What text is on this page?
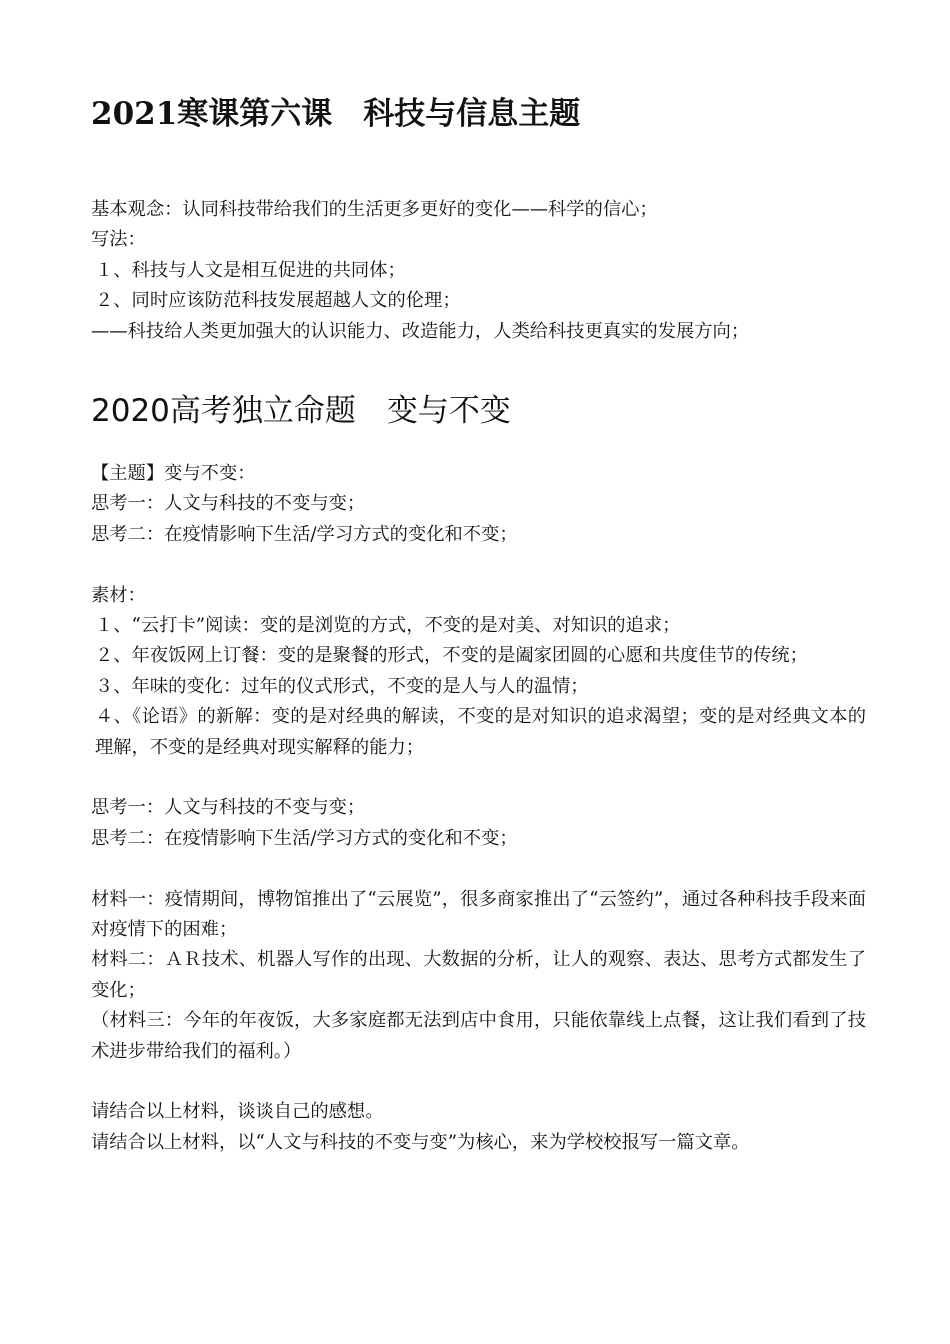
2021寒课第六课　科技与信息主题
基本观念：认同科技带给我们的生活更多更好的变化——科学的信心；
写法：
１、科技与人文是相互促进的共同体；
２、同时应该防范科技发展超越人文的伦理；
——科技给人类更加强大的认识能力、改造能力，人类给科技更真实的发展方向；
2020高考独立命题　变与不变
【主题】变与不变：
思考一：人文与科技的不变与变；
思考二：在疫情影响下生活/学习方式的变化和不变；
素材：
１、“云打卡”阅读：变的是浏览的方式，不变的是对美、对知识的追求；
２、年夜饭网上订餐：变的是聚餐的形式，不变的是阖家团圆的心愿和共度佳节的传统；
３、年味的变化：过年的仪式形式，不变的是人与人的温情；
４、《论语》的新解：变的是对经典的解读，不变的是对知识的追求渴望；变的是对经典文本的理解，不变的是经典对现实解释的能力；
思考一：人文与科技的不变与变；
思考二：在疫情影响下生活/学习方式的变化和不变；
材料一：疫情期间，博物馆推出了“云展览”，很多商家推出了“云签约”，通过各种科技手段来面对疫情下的困难；
材料二：ＡＲ技术、机器人写作的出现、大数据的分析，让人的观察、表达、思考方式都发生了变化；
（材料三：今年的年夜饭，大多家庭都无法到店中食用，只能依靠线上点餐，这让我们看到了技术进步带给我们的福利。）
请结合以上材料，谈谈自己的感想。
请结合以上材料，以“人文与科技的不变与变”为核心，来为学校校报写一篇文章。
